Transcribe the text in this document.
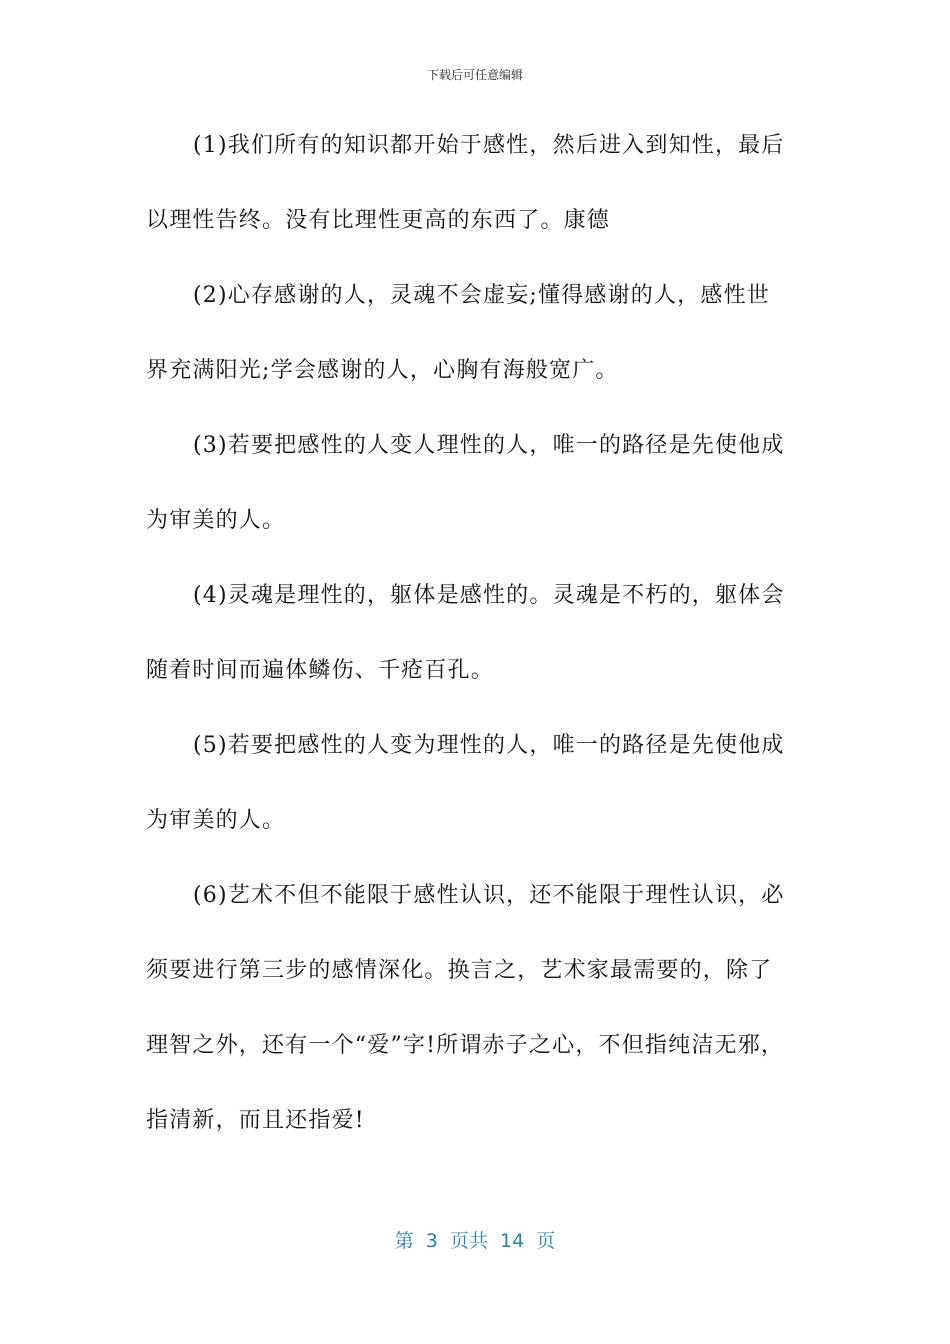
下载后可任意编辑
(1)我们所有的知识都开始于感性，然后进入到知性，最后
以理性告终。没有比理性更高的东西了。康德
(2)心存感谢的人，灵魂不会虚妄;懂得感谢的人，感性世
界充满阳光;学会感谢的人，心胸有海般宽广。
(3)若要把感性的人变人理性的人，唯一的路径是先使他成
为审美的人。
(4)灵魂是理性的，躯体是感性的。灵魂是不朽的，躯体会
随着时间而遍体鳞伤、千疮百孔。
(5)若要把感性的人变为理性的人，唯一的路径是先使他成
为审美的人。
(6)艺术不但不能限于感性认识，还不能限于理性认识，必
须要进行第三步的感情深化。换言之，艺术家最需要的，除了
理智之外，还有一个“爱”字!所谓赤子之心，不但指纯洁无邪，
指清新，而且还指爱!
第  3  页共  14  页
